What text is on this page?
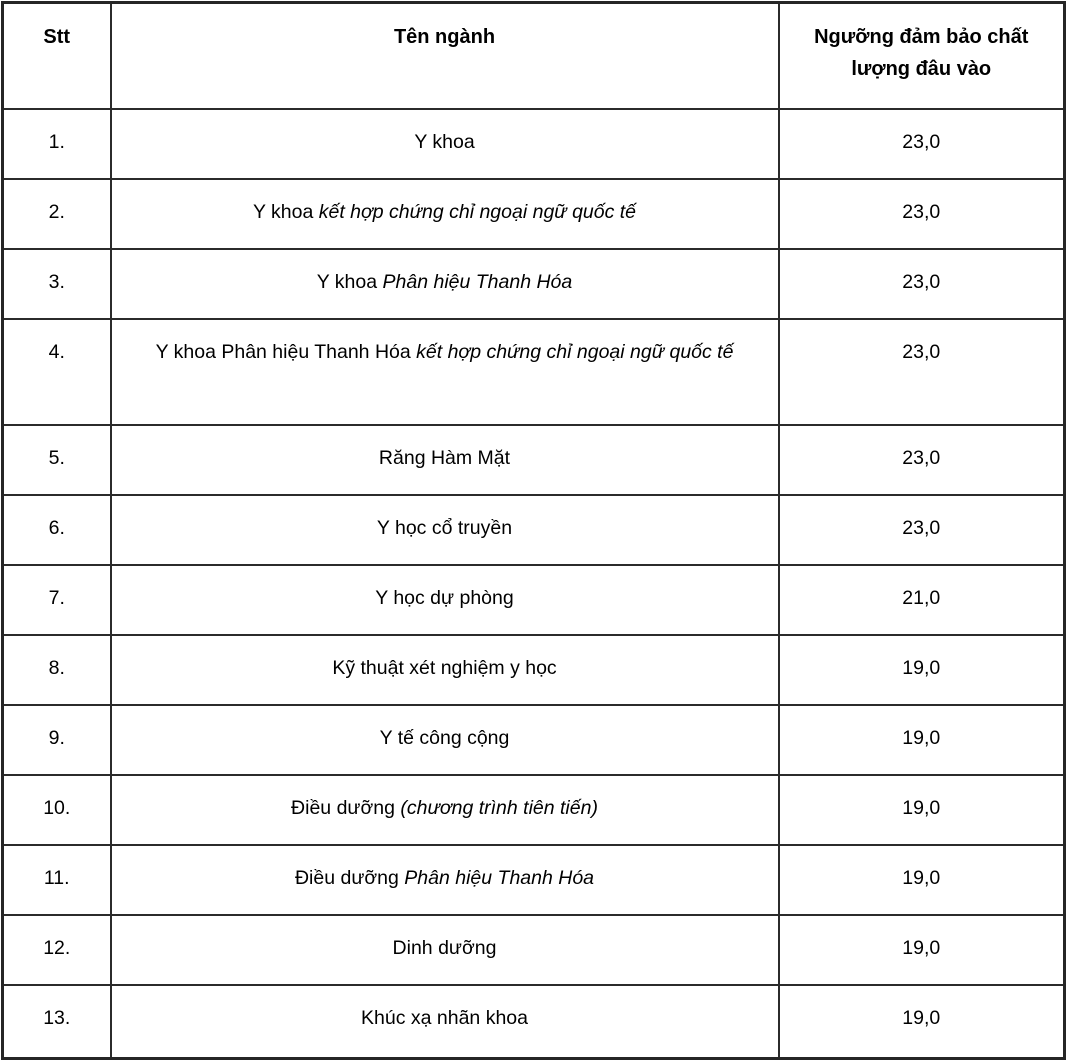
Stt	Tên ngành	Ngưỡng đảm bảo chất lượng đâu vào
1.	Y khoa	23,0
2.	Y khoa kết hợp chứng chỉ ngoại ngữ quốc tế	23,0
3.	Y khoa Phân hiệu Thanh Hóa	23,0
4.	Y khoa Phân hiệu Thanh Hóa kết hợp chứng chỉ ngoại ngữ quốc tế	23,0
5.	Răng Hàm Mặt	23,0
6.	Y học cổ truyền	23,0
7.	Y học dự phòng	21,0
8.	Kỹ thuật xét nghiệm y học	19,0
9.	Y tế công cộng	19,0
10.	Điều dưỡng (chương trình tiên tiến)	19,0
11.	Điều dưỡng Phân hiệu Thanh Hóa	19,0
12.	Dinh dưỡng	19,0
13.	Khúc xạ nhãn khoa	19,0
